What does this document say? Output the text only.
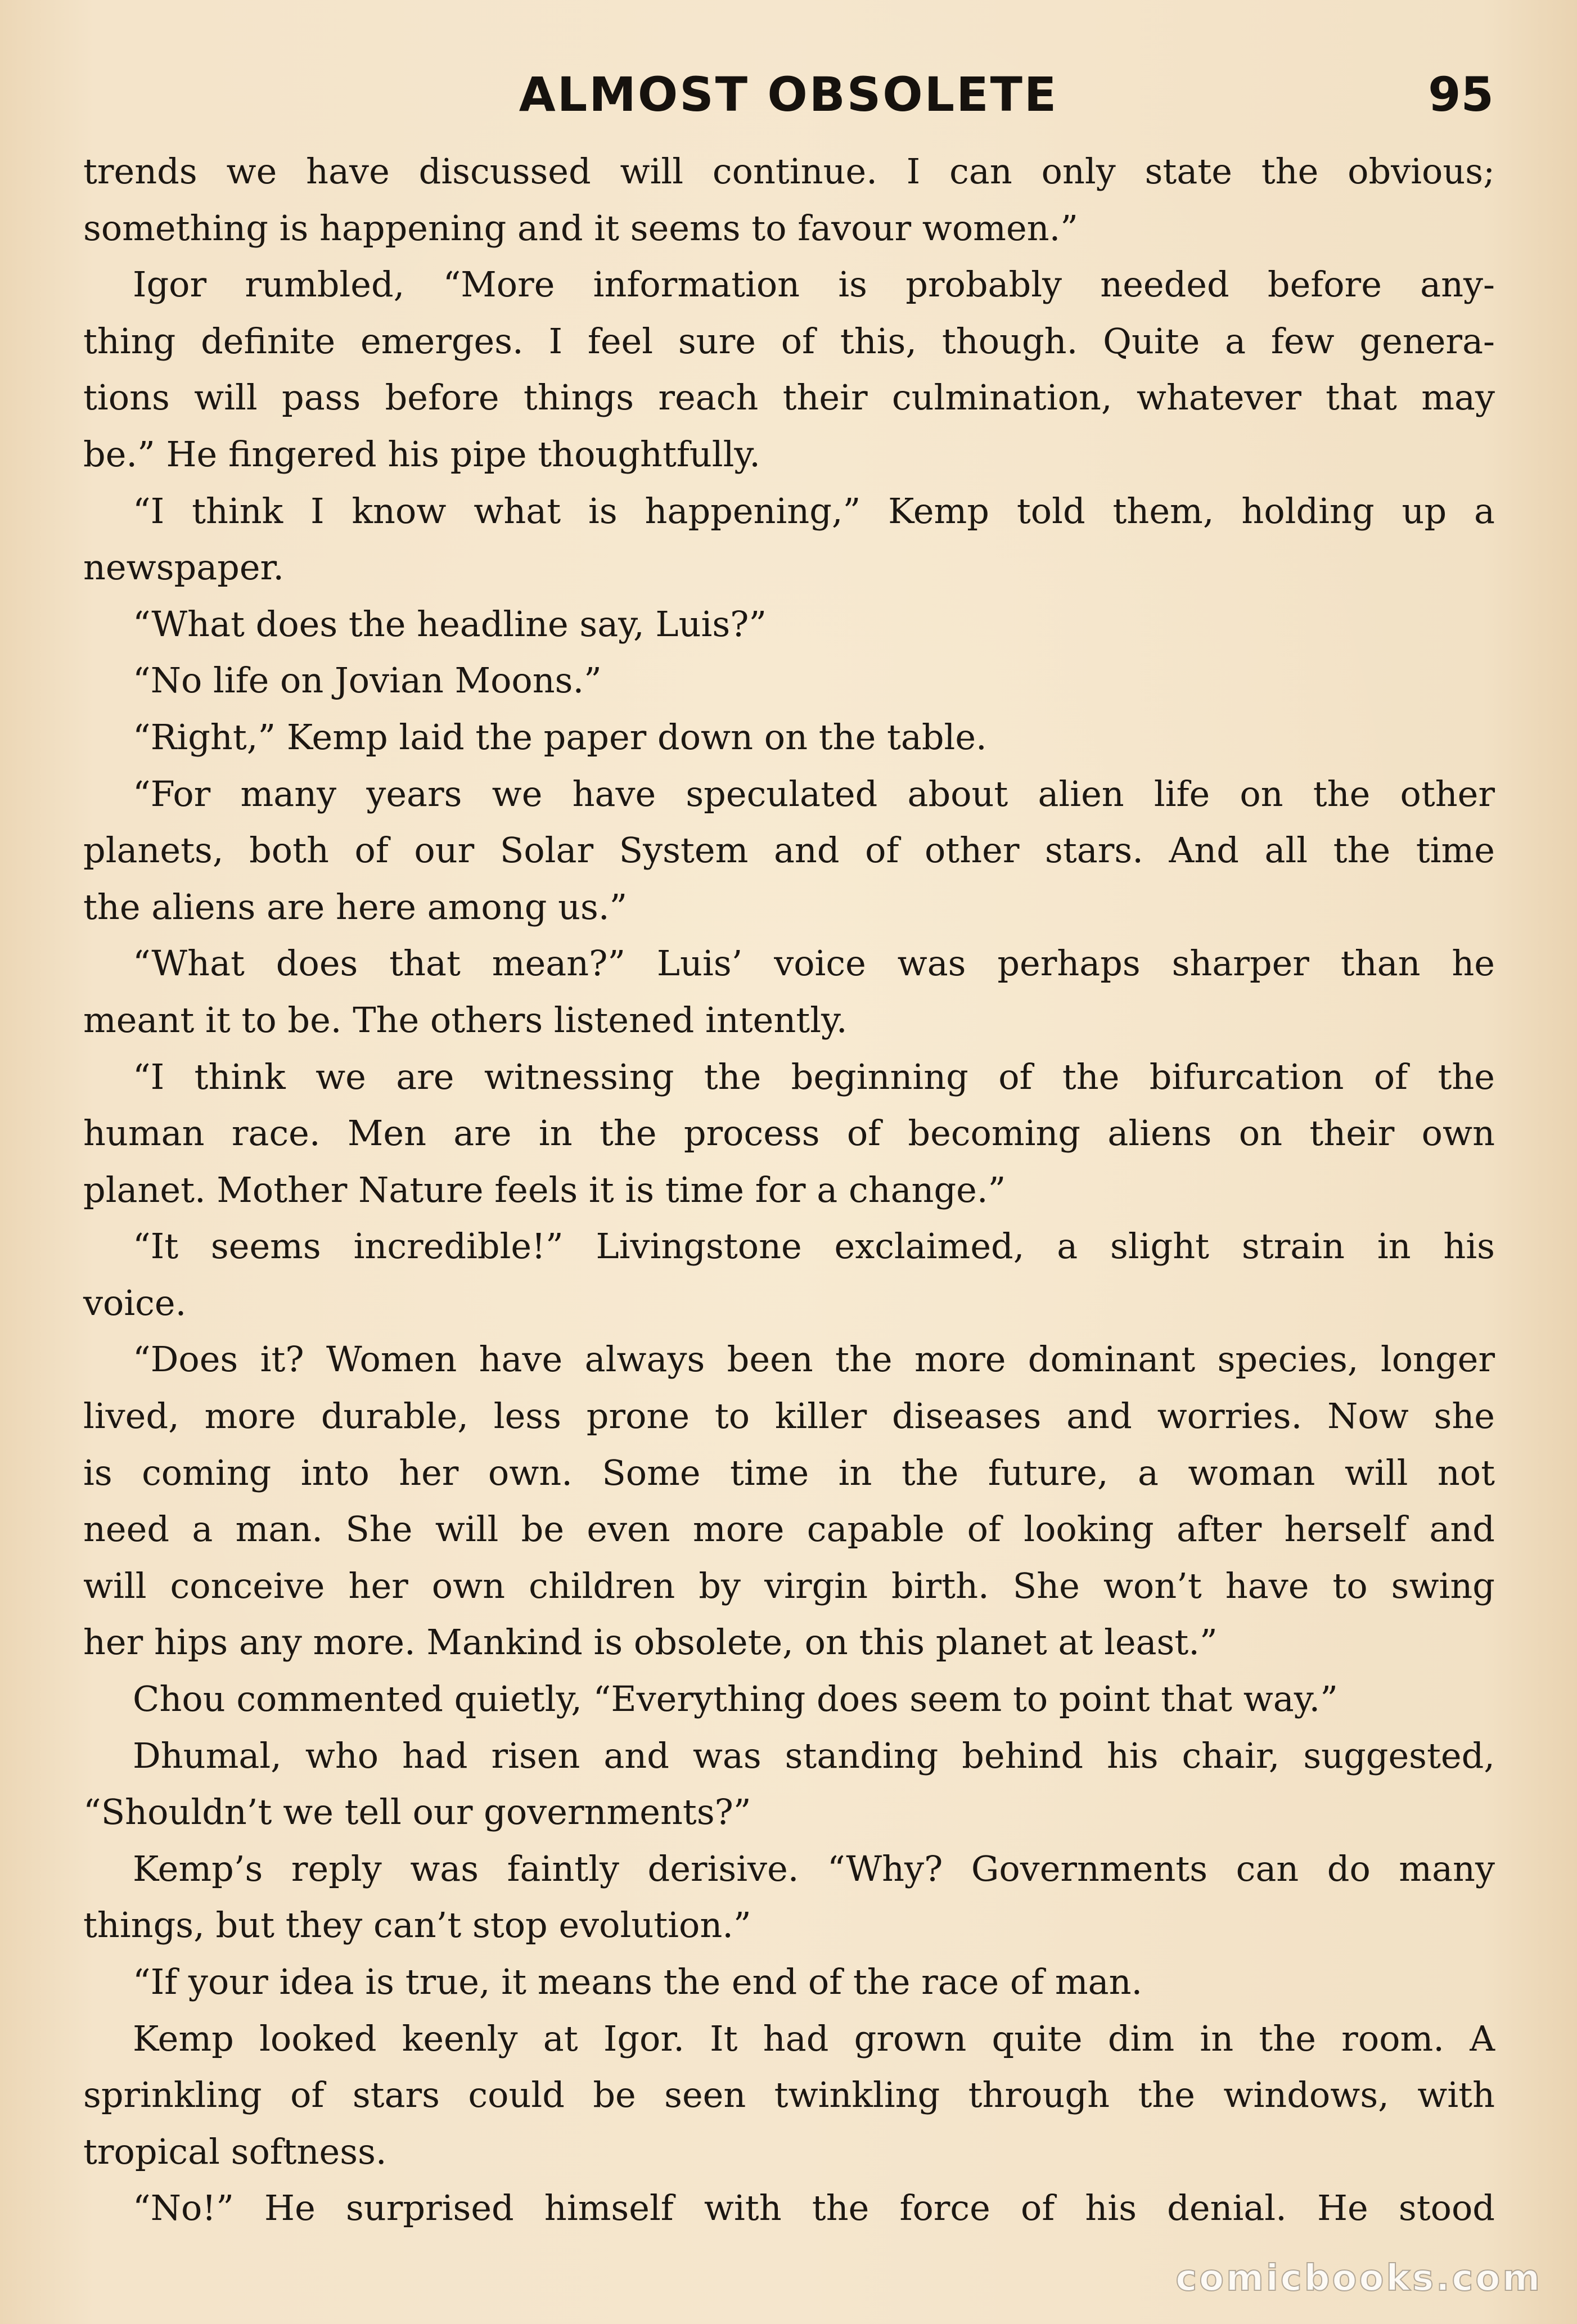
ALMOST OBSOLETE	95
trends we have discussed will continue. I can only state the obvious;
something is happening and it seems to favour women.”
Igor rumbled, “More information is probably needed before any-
thing definite emerges. I feel sure of this, though. Quite a few genera-
tions will pass before things reach their culmination, whatever that may
be.” He fingered his pipe thoughtfully.
“I think I know what is happening,” Kemp told them, holding up a
newspaper.
“What does the headline say, Luis?”
“No life on Jovian Moons.”
“Right,” Kemp laid the paper down on the table.
“For many years we have speculated about alien life on the other
planets, both of our Solar System and of other stars. And all the time
the aliens are here among us.”
“What does that mean?” Luis’ voice was perhaps sharper than he
meant it to be. The others listened intently.
“I think we are witnessing the beginning of the bifurcation of the
human race. Men are in the process of becoming aliens on their own
planet. Mother Nature feels it is time for a change.”
“It seems incredible!” Livingstone exclaimed, a slight strain in his
voice.
“Does it? Women have always been the more dominant species, longer
lived, more durable, less prone to killer diseases and worries. Now she
is coming into her own. Some time in the future, a woman will not
need a man. She will be even more capable of looking after herself and
will conceive her own children by virgin birth. She won’t have to swing
her hips any more. Mankind is obsolete, on this planet at least.”
Chou commented quietly, “Everything does seem to point that way.”
Dhumal, who had risen and was standing behind his chair, suggested,
“Shouldn’t we tell our governments?”
Kemp’s reply was faintly derisive. “Why? Governments can do many
things, but they can’t stop evolution.”
“If your idea is true, it means the end of the race of man.
Kemp looked keenly at Igor. It had grown quite dim in the room. A
sprinkling of stars could be seen twinkling through the windows, with
tropical softness.
“No!” He surprised himself with the force of his denial. He stood
comicbooks.com
